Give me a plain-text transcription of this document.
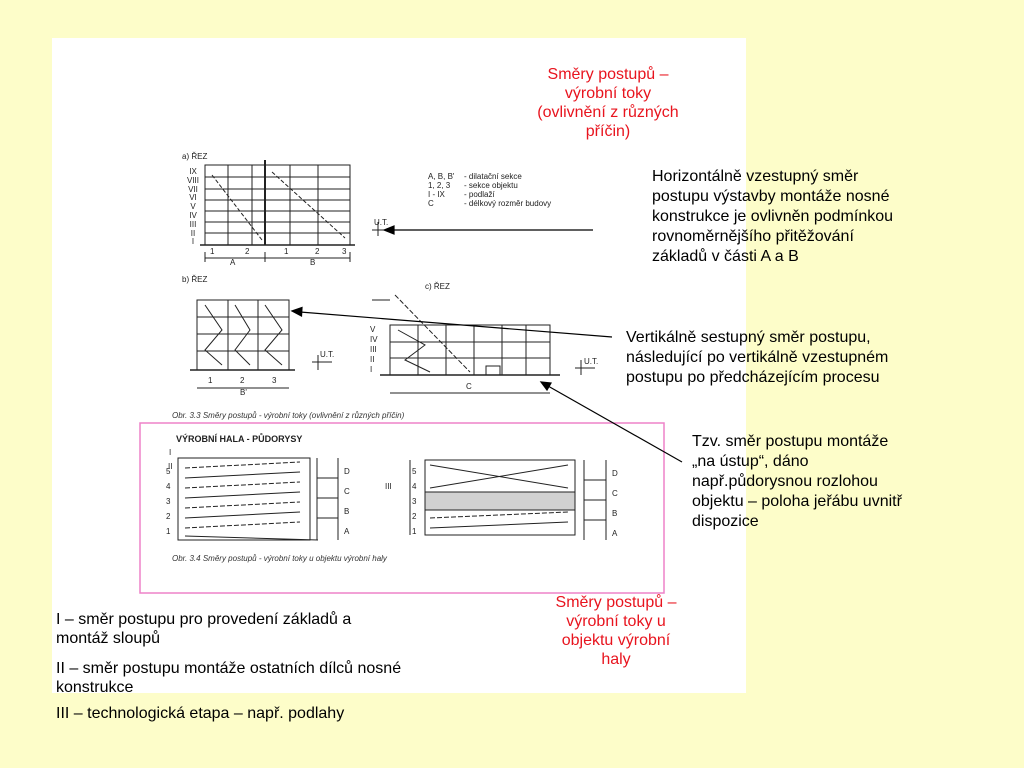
a) ŘEZ
b) ŘEZ
c) ŘEZ
IX
VIII
VII
VI
V
IV
III
II
I
A, B, B' - dilatační sekce
1, 2, 3 - sekce objektu
I - IX - podlaží
C	- délkový rozměr budovy
U.T.
U.T.
U.T.
1	2	1	2	3
A	B
1	2	3
B'
C
V
IV
III
II
I
Obr. 3.3 Směry postupů - výrobní toky (ovlivnění z různých příčin)
VÝROBNÍ HALA - PŮDORYSY
5
4
3
2
1
5
4
3
2
1
I
II
III
D
C
B
A
D
C
B
A
Obr. 3.4 Směry postupů - výrobní toky u objektu výrobní haly
Směry postupů –
výrobní toky
(ovlivnění z různých
příčin)
Horizontálně vzestupný směr
postupu výstavby montáže nosné
konstrukce je ovlivněn podmínkou
rovnoměrnějšího přitěžování
základů v části A a B
Vertikálně sestupný směr postupu,
následující po vertikálně vzestupném
postupu po předcházejícím procesu
Tzv. směr postupu montáže
„na ústup“, dáno
např.půdorysnou rozlohou
objektu – poloha jeřábu uvnitř
dispozice
Směry postupů –
výrobní toky u
objektu výrobní
haly
I – směr postupu pro provedení základů a
montáž sloupů
II – směr postupu montáže ostatních dílců nosné
konstrukce
III – technologická etapa – např. podlahy
